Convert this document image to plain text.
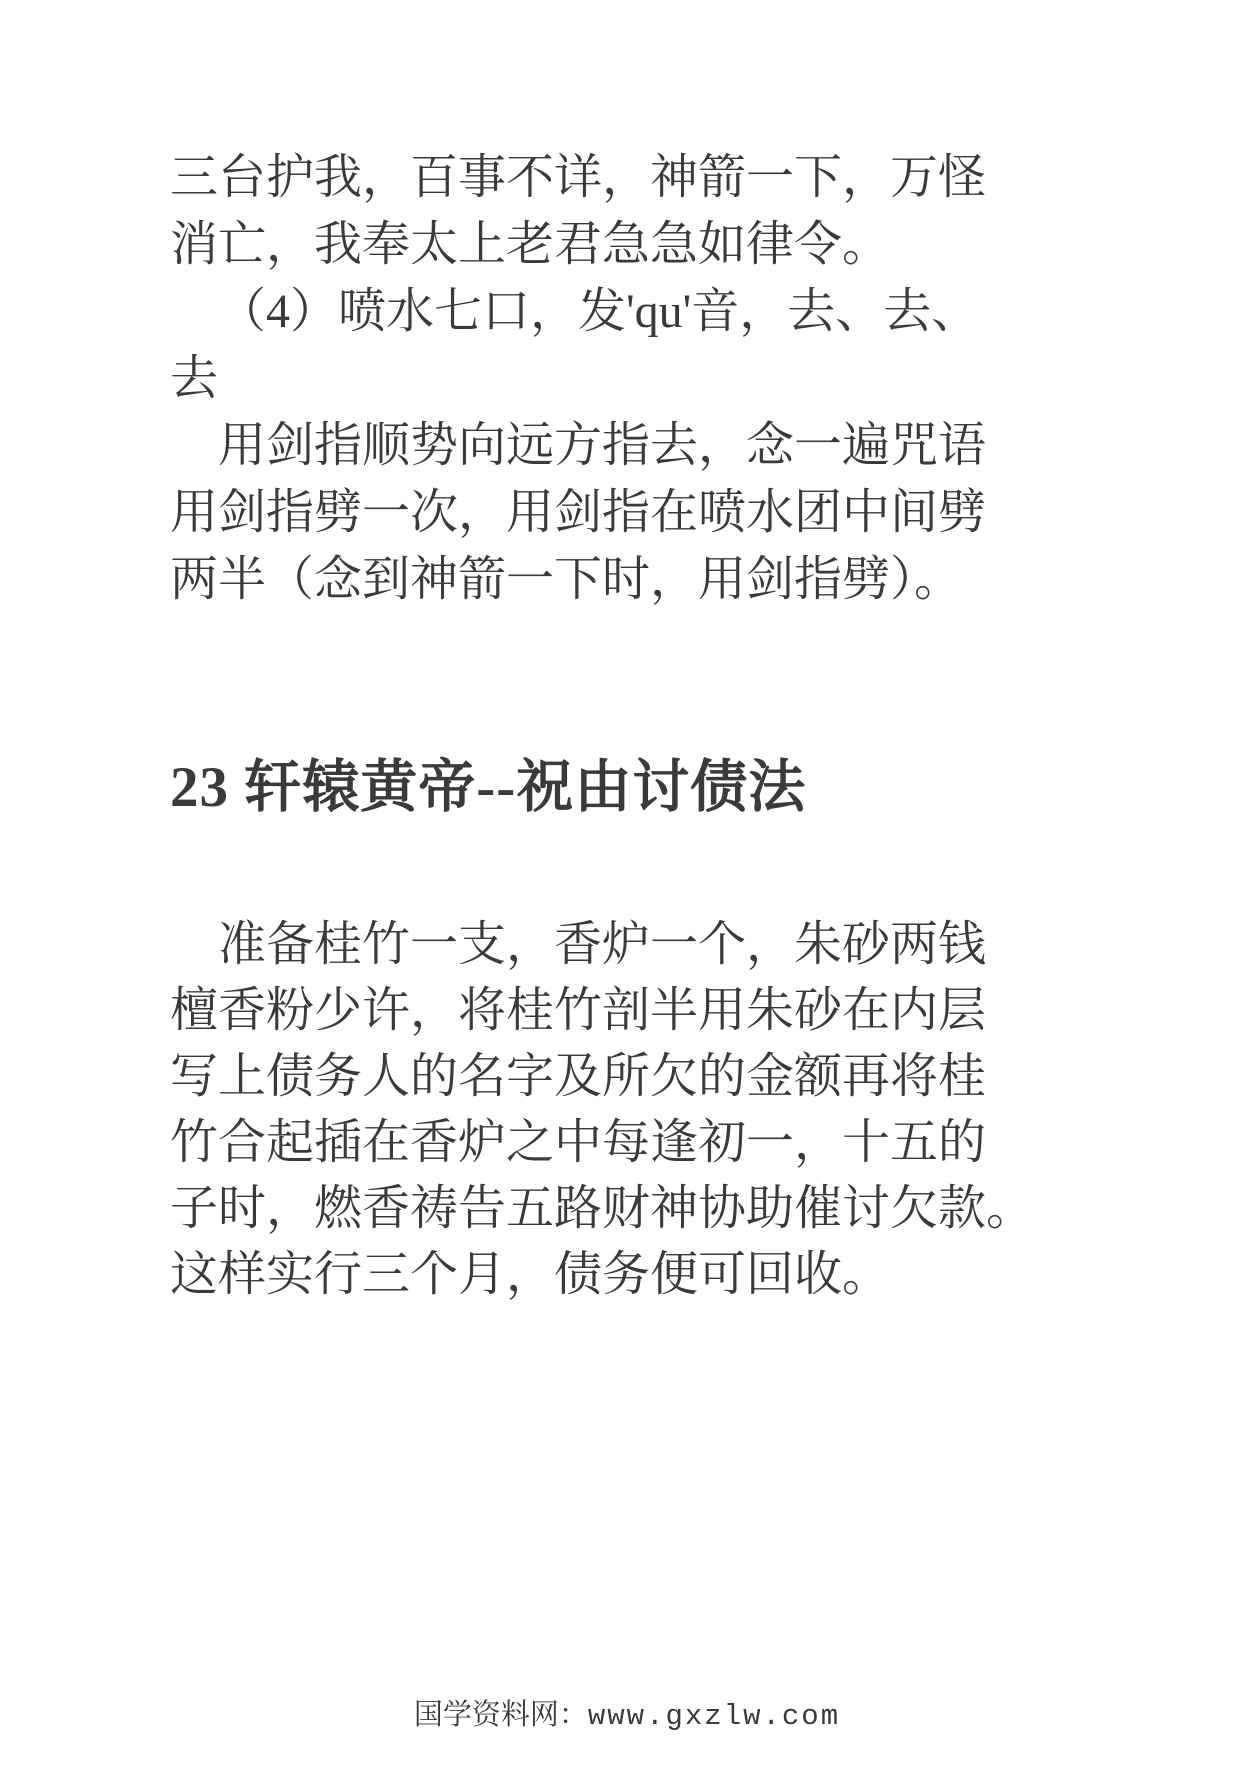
三台护我，百事不详，神箭一下，万怪
消亡，我奉太上老君急急如律令。
（4）喷水七口，发'qu'音，去、去、
去
用剑指顺势向远方指去，念一遍咒语
用剑指劈一次，用剑指在喷水团中间劈
两半（念到神箭一下时，用剑指劈）。
23 轩辕黄帝--祝由讨债法
准备桂竹一支，香炉一个，朱砂两钱
檀香粉少许，将桂竹剖半用朱砂在内层
写上债务人的名字及所欠的金额再将桂
竹合起插在香炉之中每逢初一，十五的
子时，燃香祷告五路财神协助催讨欠款。
这样实行三个月，债务便可回收。
国学资料网：www.gxzlw.com
